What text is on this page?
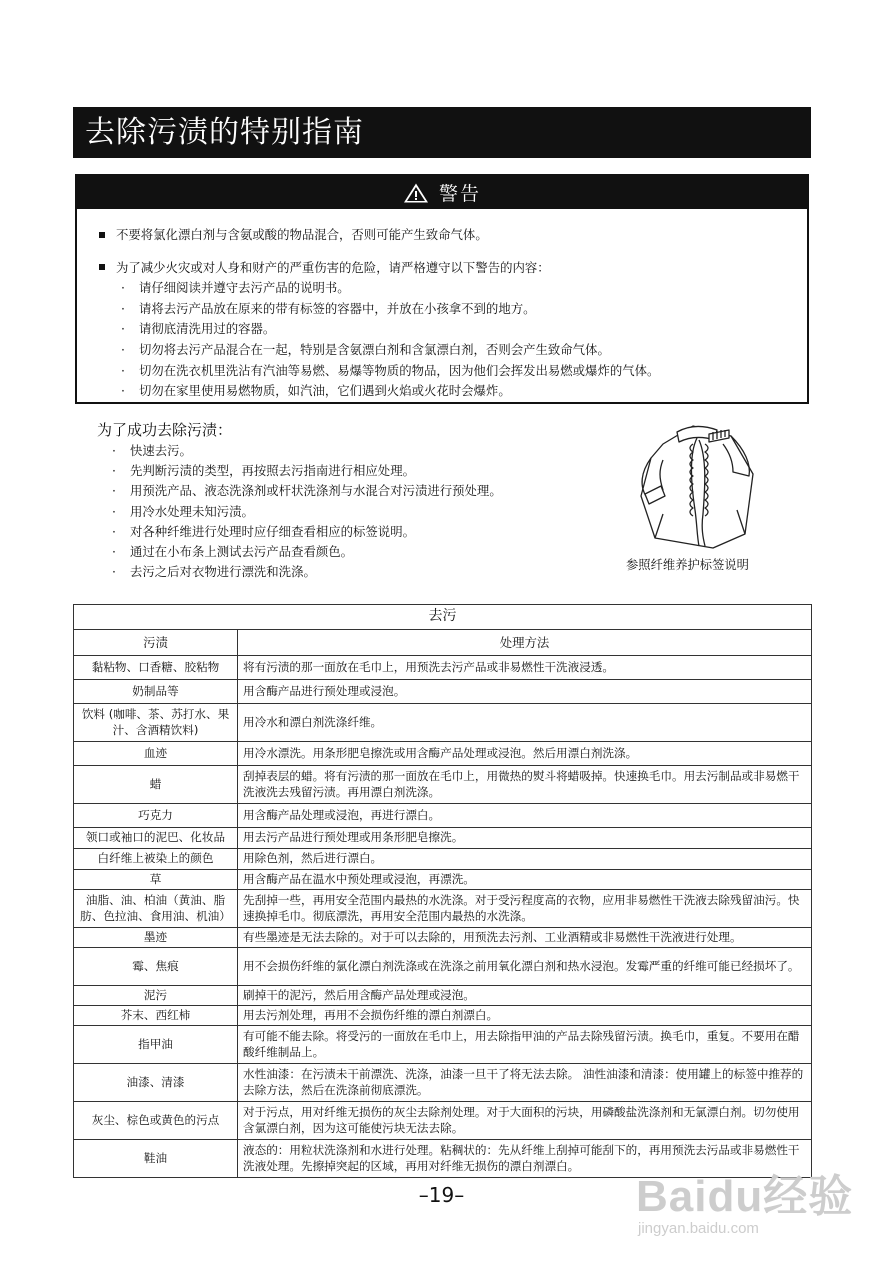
去除污渍的特别指南
警告
不要将氯化漂白剂与含氨或酸的物品混合，否则可能产生致命气体。
为了减少火灾或对人身和财产的严重伤害的危险，请严格遵守以下警告的内容：
· 请仔细阅读并遵守去污产品的说明书。
· 请将去污产品放在原来的带有标签的容器中，并放在小孩拿不到的地方。
· 请彻底清洗用过的容器。
· 切勿将去污产品混合在一起，特别是含氨漂白剂和含氯漂白剂，否则会产生致命气体。
· 切勿在洗衣机里洗沾有汽油等易燃、易爆等物质的物品，因为他们会挥发出易燃或爆炸的气体。
· 切勿在家里使用易燃物质，如汽油，它们遇到火焰或火花时会爆炸。
为了成功去除污渍：
· 快速去污。
· 先判断污渍的类型，再按照去污指南进行相应处理。
· 用预洗产品、液态洗涤剂或杆状洗涤剂与水混合对污渍进行预处理。
· 用冷水处理未知污渍。
· 对各种纤维进行处理时应仔细查看相应的标签说明。
· 通过在小布条上测试去污产品查看颜色。
· 去污之后对衣物进行漂洗和洗涤。	参照纤维养护标签说明
去污	
污渍	处理方法
黏粘物、口香糖、胶粘物	将有污渍的那一面放在毛巾上，用预洗去污产品或非易燃性干洗液浸透。
奶制品等	用含酶产品进行预处理或浸泡。
饮料 (咖啡、茶、苏打水、果汁、含酒精饮料)	用冷水和漂白剂洗涤纤维。
血迹	用冷水漂洗。用条形肥皂擦洗或用含酶产品处理或浸泡。然后用漂白剂洗涤。
蜡	刮掉表层的蜡。将有污渍的那一面放在毛巾上，用微热的熨斗将蜡吸掉。快速换毛巾。用去污制品或非易燃干洗液洗去残留污渍。再用漂白剂洗涤。
巧克力	用含酶产品处理或浸泡，再进行漂白。
领口或袖口的泥巴、化妆品	用去污产品进行预处理或用条形肥皂擦洗。
白纤维上被染上的颜色	用除色剂，然后进行漂白。
草	用含酶产品在温水中预处理或浸泡，再漂洗。
油脂、油、柏油（黄油、脂肪、色拉油、食用油、机油）	先刮掉一些，再用安全范围内最热的水洗涤。对于受污程度高的衣物，应用非易燃性干洗液去除残留油污。快速换掉毛巾。彻底漂洗，再用安全范围内最热的水洗涤。
墨迹	有些墨迹是无法去除的。对于可以去除的，用预洗去污剂、工业酒精或非易燃性干洗液进行处理。
霉、焦痕	用不会损伤纤维的氯化漂白剂洗涤或在洗涤之前用氧化漂白剂和热水浸泡。发霉严重的纤维可能已经损坏了。
泥污	刷掉干的泥污，然后用含酶产品处理或浸泡。
芥末、西红柿	用去污剂处理，再用不会损伤纤维的漂白剂漂白。
指甲油	有可能不能去除。将受污的一面放在毛巾上，用去除指甲油的产品去除残留污渍。换毛巾，重复。不要用在醋酸纤维制品上。
油漆、清漆	水性油漆：在污渍未干前漂洗、洗涤，油漆一旦干了将无法去除。 油性油漆和清漆：使用罐上的标签中推荐的去除方法，然后在洗涤前彻底漂洗。
灰尘、棕色或黄色的污点	对于污点，用对纤维无损伤的灰尘去除剂处理。对于大面积的污块，用磷酸盐洗涤剂和无氯漂白剂。切勿使用含氯漂白剂，因为这可能使污块无法去除。
鞋油	液态的：用粒状洗涤剂和水进行处理。粘稠状的：先从纤维上刮掉可能刮下的，再用预洗去污品或非易燃性干洗液处理。先擦掉突起的区域，再用对纤维无损伤的漂白剂漂白。
–19–	Baidu经验
jingyan.baidu.com
